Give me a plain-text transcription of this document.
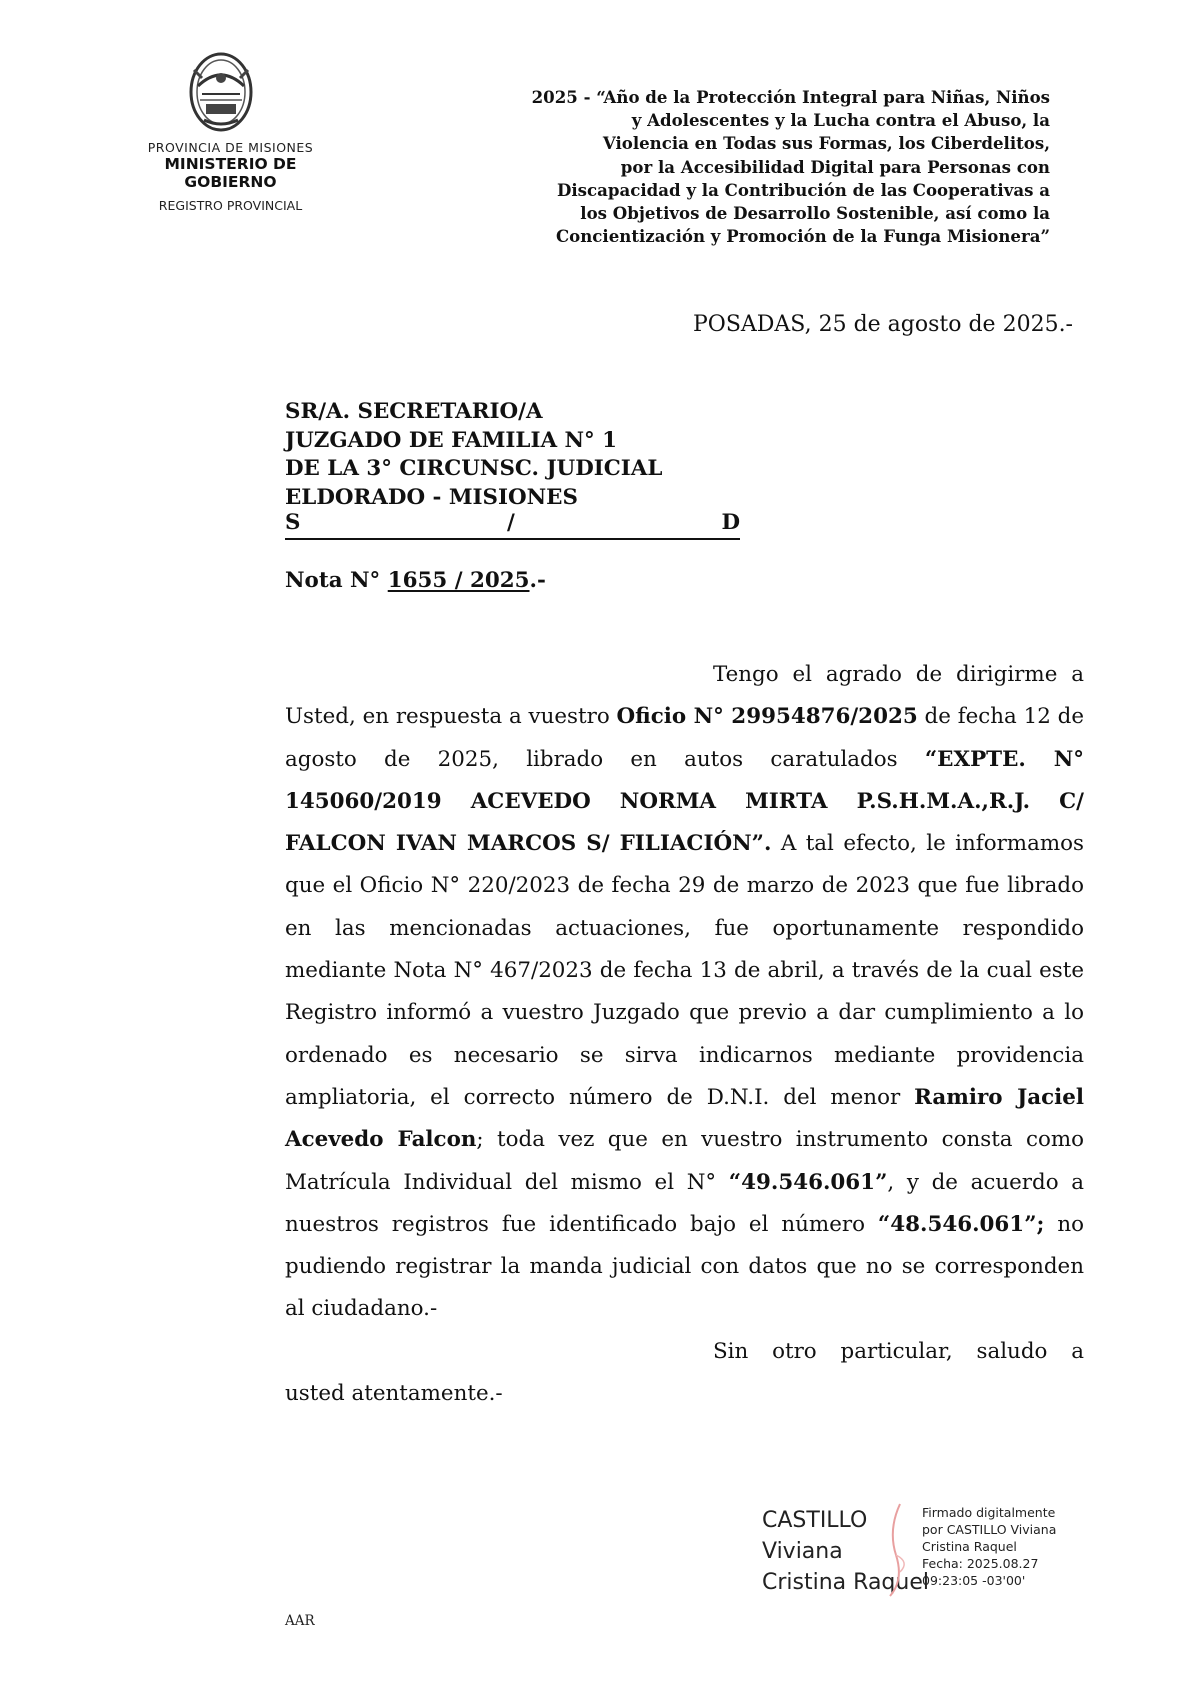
PROVINCIA DE MISIONES
MINISTERIO DE GOBIERNO
REGISTRO PROVINCIAL
2025 - “Año de la Protección Integral para Niñas, Niños
y Adolescentes y la Lucha contra el Abuso, la
Violencia en Todas sus Formas, los Ciberdelitos,
por la Accesibilidad Digital para Personas con
Discapacidad y la Contribución de las Cooperativas a
los Objetivos de Desarrollo Sostenible, así como la
Concientización y Promoción de la Funga Misionera”
POSADAS, 25 de agosto de 2025.-
SR/A. SECRETARIO/A
JUZGADO DE FAMILIA N° 1
DE LA 3° CIRCUNSC. JUDICIAL
ELDORADO - MISIONES
S	/	D
Nota N° 1655 / 2025.-

Tengo el agrado de dirigirme a Usted, en respuesta a vuestro Oficio N° 29954876/2025 de fecha 12 de agosto de 2025, librado en autos caratulados “EXPTE. N° 145060/2019 ACEVEDO NORMA MIRTA P.S.H.M.A.,R.J. C/ FALCON IVAN MARCOS S/ FILIACIÓN”. A tal efecto, le informamos que el Oficio N° 220/2023 de fecha 29 de marzo de 2023 que fue librado en las mencionadas actuaciones, fue oportunamente respondido mediante Nota N° 467/2023 de fecha 13 de abril, a través de la cual este Registro informó a vuestro Juzgado que previo a dar cumplimiento a lo ordenado es necesario se sirva indicarnos mediante providencia ampliatoria, el correcto número de D.N.I. del menor Ramiro Jaciel Acevedo Falcon; toda vez que en vuestro instrumento consta como Matrícula Individual del mismo el N° “49.546.061”, y de acuerdo a nuestros registros fue identificado bajo el número “48.546.061”; no pudiendo registrar la manda judicial con datos que no se corresponden al ciudadano.-

Sin otro particular, saludo a

usted atentamente.-

CASTILLO
Viviana
Cristina Raquel
Firmado digitalmente
por CASTILLO Viviana
Cristina Raquel
Fecha: 2025.08.27
09:23:05 -03'00'
AAR
